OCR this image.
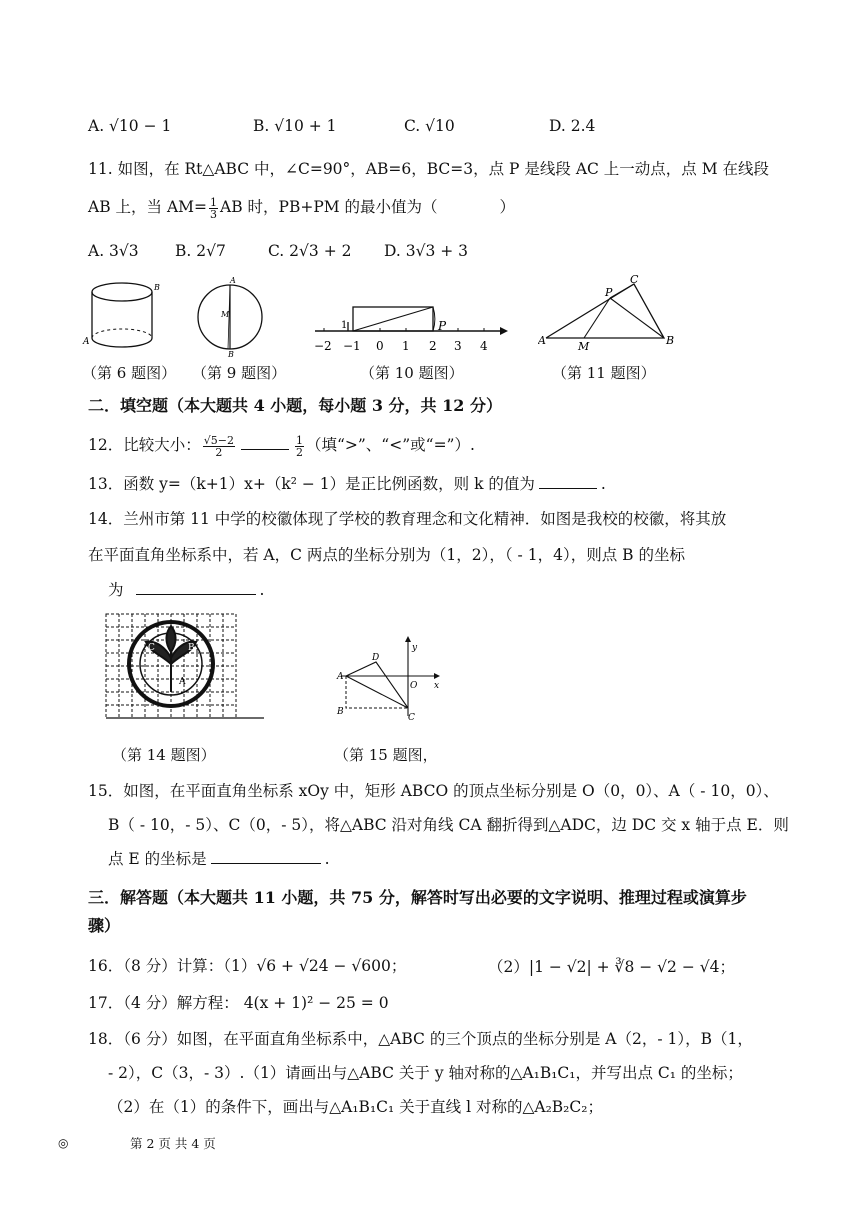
A. √10 − 1	B. √10 + 1	C. √10	D. 2.4
11. 如图，在 Rt△ABC 中，∠C=90°，AB=6，BC=3，点 P 是线段 AC 上一动点，点 M 在线段
AB 上，当 $AM= \frac{1}{3}$ AB 时，PB+PM 的最小值为（　　　　）
A. 3√3 B. 2√7	C. 2√3 + 2 D. 3√3 + 3
A
B
A
M
B
−2 −1 0 1 2 3 4
P
1
A	M	B
P
C
（第 6 题图） （第 9 题图）	（第 10 题图）	（第 11 题图）
二．填空题（本大题共 4 小题，每小题 3 分，共 12 分）
12．比较大小： $\frac{√5-2}{2}$	$\frac{1}{2}$ （填“>”、“<”或“=”）.
13．函数 y=（k+1）x+（k² − 1）是正比例函数，则 k 的值为	.
14．兰州市第 11 中学的校徽体现了学校的教育理念和文化精神．如图是我校的校徽，将其放
在平面直角坐标系中，若 A，C 两点的坐标分别为（1，2），（ - 1，4），则点 B 的坐标
为	.
C	B
A
y
x
A
B
C
D
O
（第 14 题图）	（第 15 题图，
15．如图，在平面直角坐标系 xOy 中，矩形 ABCO 的顶点坐标分别是 O（0，0）、A（ - 10，0）、
B（ - 10，- 5）、C（0，- 5），将△ABC 沿对角线 CA 翻折得到△ADC，边 DC 交 x 轴于点 E．则
点 E 的坐标是	.
三．解答题（本大题共 11 小题，共 75 分，解答时写出必要的文字说明、推理过程或演算步
骤）
16．（8 分）计算：（1）√6 + √24 − √600；	（2）|1 − √2| + ∛8 − √2 − √4；
17．（4 分）解方程： 4(x + 1)² − 25 = 0
18．（6 分）如图，在平面直角坐标系中，△ABC 的三个顶点的坐标分别是 A（2，- 1），B（1，
- 2），C（3，- 3）.（1）请画出与△ABC 关于 y 轴对称的△A₁B₁C₁，并写出点 C₁ 的坐标；
（2）在（1）的条件下，画出与△A₁B₁C₁ 关于直线 l 对称的△A₂B₂C₂；
◎	第 2 页 共 4 页
